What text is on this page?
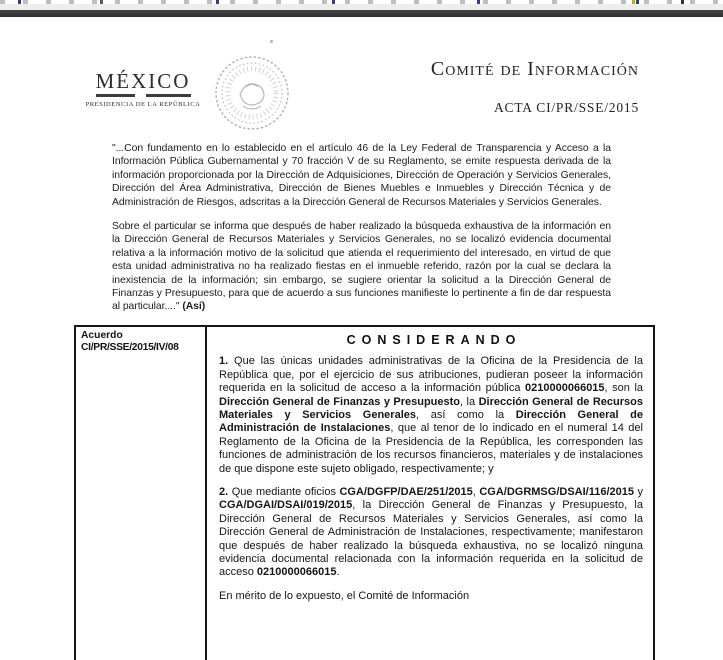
MÉXICO
PRESIDENCIA DE LA REPÚBLICA
Comité de Información
ACTA CI/PR/SSE/2015

"...Con fundamento en lo establecido en el artículo 46 de la Ley Federal de Transparencia y Acceso a la Información Pública Gubernamental y 70 fracción V de su Reglamento, se emite respuesta derivada de la información proporcionada por la Dirección de Adquisiciones, Dirección de Operación y Servicios Generales, Dirección del Área Administrativa, Dirección de Bienes Muebles e Inmuebles y Dirección Técnica y de Administración de Riesgos, adscritas a la Dirección General de Recursos Materiales y Servicios Generales.

Sobre el particular se informa que después de haber realizado la búsqueda exhaustiva de la información en la Dirección General de Recursos Materiales y Servicios Generales, no se localizó evidencia documental relativa a la información motivo de la solicitud que atienda el requerimiento del interesado, en virtud de que esta unidad administrativa no ha realizado fiestas en el inmueble referido, razón por la cual se declara la inexistencia de la información; sin embargo, se sugiere orientar la solicitud a la Dirección General de Finanzas y Presupuesto, para que de acuerdo a sus funciones manifieste lo pertinente a fin de dar respuesta al particular...." (Así)

Acuerdo
CI/PR/SSE/2015/IV/08
CONSIDERANDO

1. Que las únicas unidades administrativas de la Oficina de la Presidencia de la República que, por el ejercicio de sus atribuciones, pudieran poseer la información requerida en la solicitud de acceso a la información pública 0210000066015, son la Dirección General de Finanzas y Presupuesto, la Dirección General de Recursos Materiales y Servicios Generales, así como la Dirección General de Administración de Instalaciones, que al tenor de lo indicado en el numeral 14 del Reglamento de la Oficina de la Presidencia de la República, les corresponden las funciones de administración de los recursos financieros, materiales y de instalaciones de que dispone este sujeto obligado, respectivamente; y

2. Que mediante oficios CGA/DGFP/DAE/251/2015, CGA/DGRMSG/DSAI/116/2015 y CGA/DGAI/DSAI/019/2015, la Dirección General de Finanzas y Presupuesto, la Dirección General de Recursos Materiales y Servicios Generales, así como la Dirección General de Administración de Instalaciones, respectivamente; manifestaron que después de haber realizado la búsqueda exhaustiva, no se localizó ninguna evidencia documental relacionada con la información requerida en la solicitud de acceso 0210000066015.

En mérito de lo expuesto, el Comité de Información
